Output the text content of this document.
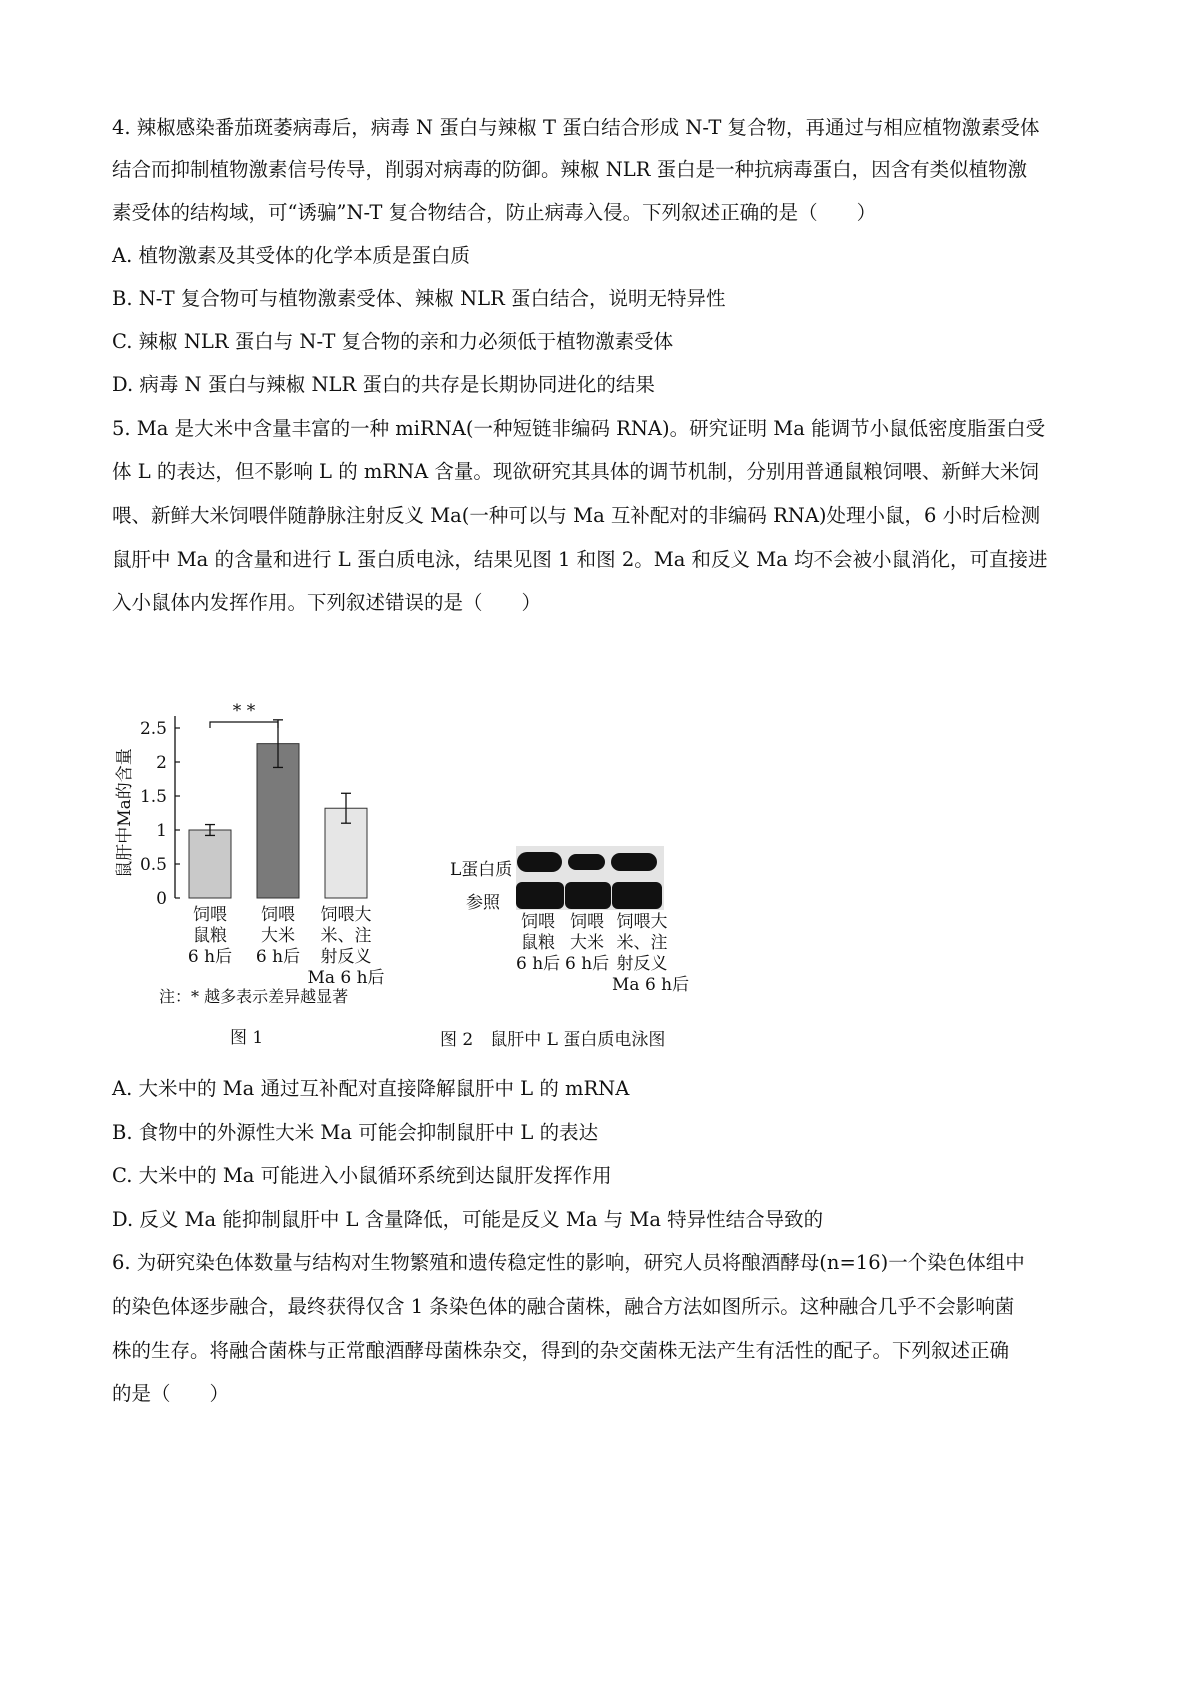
4. 辣椒感染番茄斑萎病毒后，病毒 N 蛋白与辣椒 T 蛋白结合形成 N-T 复合物，再通过与相应植物激素受体
结合而抑制植物激素信号传导，削弱对病毒的防御。辣椒 NLR 蛋白是一种抗病毒蛋白，因含有类似植物激
素受体的结构域，可“诱骗”N-T 复合物结合，防止病毒入侵。下列叙述正确的是（　　）
A. 植物激素及其受体的化学本质是蛋白质
B. N-T 复合物可与植物激素受体、辣椒 NLR 蛋白结合，说明无特异性
C. 辣椒 NLR 蛋白与 N-T 复合物的亲和力必须低于植物激素受体
D. 病毒 N 蛋白与辣椒 NLR 蛋白的共存是长期协同进化的结果
5. Ma 是大米中含量丰富的一种 miRNA(一种短链非编码 RNA)。研究证明 Ma 能调节小鼠低密度脂蛋白受
体 L 的表达，但不影响 L 的 mRNA 含量。现欲研究其具体的调节机制，分别用普通鼠粮饲喂、新鲜大米饲
喂、新鲜大米饲喂伴随静脉注射反义 Ma(一种可以与 Ma 互补配对的非编码 RNA)处理小鼠，6 小时后检测
鼠肝中 Ma 的含量和进行 L 蛋白质电泳，结果见图 1 和图 2。Ma 和反义 Ma 均不会被小鼠消化，可直接进
入小鼠体内发挥作用。下列叙述错误的是（　　）
0
0.5
1
1.5
2
2.5
鼠肝中Ma的含量
饲喂
鼠粮
6 h后
饲喂
大米
6 h后
饲喂大
米、注
射反义
Ma 6 h后
* *
注：* 越多表示差异越显著
图 1
L蛋白质
参照
饲喂
鼠粮
6 h后
饲喂
大米
6 h后
饲喂大
米、注
射反义
Ma 6 h后
图 2　鼠肝中 L 蛋白质电泳图
A. 大米中的 Ma 通过互补配对直接降解鼠肝中 L 的 mRNA
B. 食物中的外源性大米 Ma 可能会抑制鼠肝中 L 的表达
C. 大米中的 Ma 可能进入小鼠循环系统到达鼠肝发挥作用
D. 反义 Ma 能抑制鼠肝中 L 含量降低，可能是反义 Ma 与 Ma 特异性结合导致的
6. 为研究染色体数量与结构对生物繁殖和遗传稳定性的影响，研究人员将酿酒酵母(n=16)一个染色体组中
的染色体逐步融合，最终获得仅含 1 条染色体的融合菌株，融合方法如图所示。这种融合几乎不会影响菌
株的生存。将融合菌株与正常酿酒酵母菌株杂交，得到的杂交菌株无法产生有活性的配子。下列叙述正确
的是（　　）
